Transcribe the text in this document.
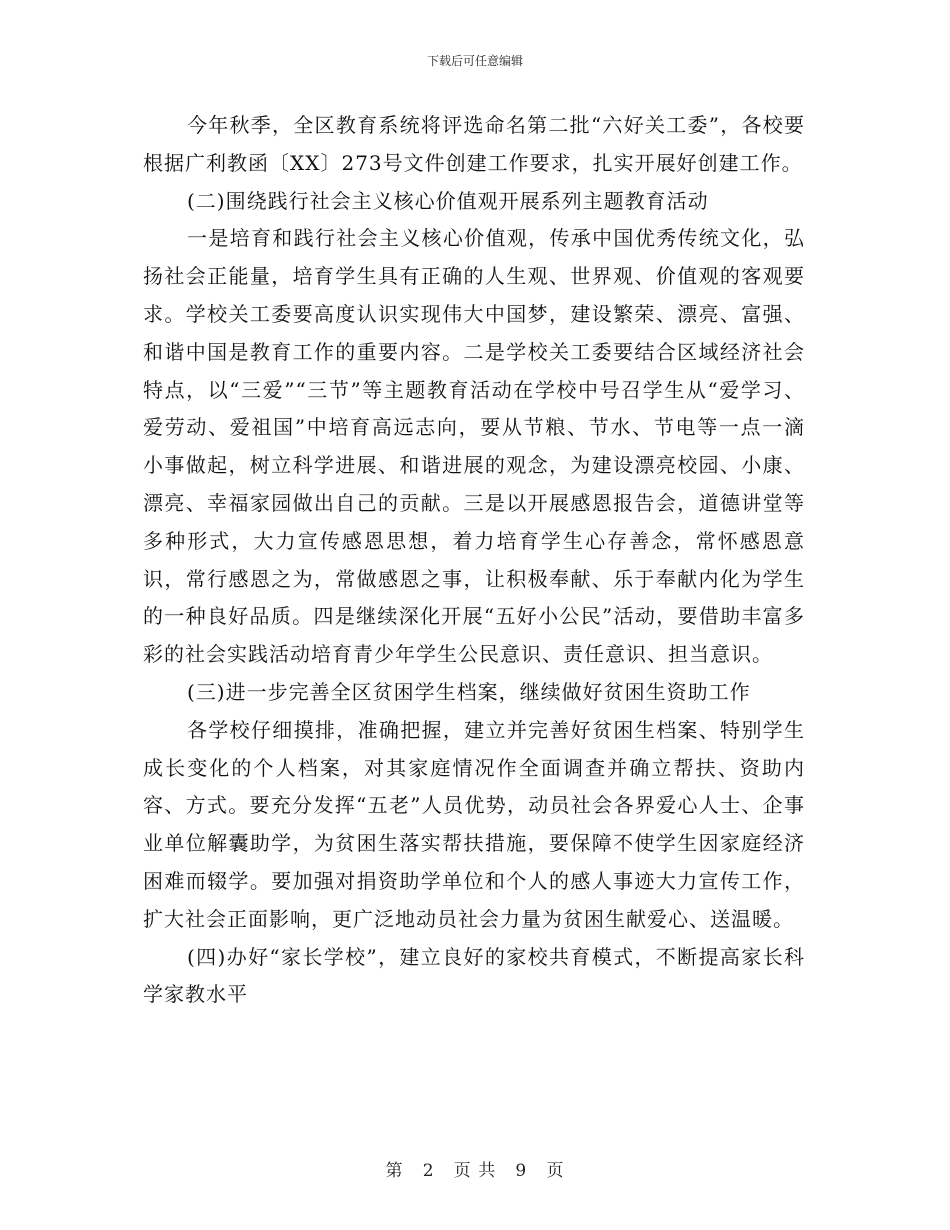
下载后可任意编辑

今年秋季，全区教育系统将评选命名第二批“六好关工委”，各校要根据广利教函〔XX〕273号文件创建工作要求，扎实开展好创建工作。

(二)围绕践行社会主义核心价值观开展系列主题教育活动

一是培育和践行社会主义核心价值观，传承中国优秀传统文化，弘扬社会正能量，培育学生具有正确的人生观、世界观、价值观的客观要求。学校关工委要高度认识实现伟大中国梦，建设繁荣、漂亮、富强、和谐中国是教育工作的重要内容。二是学校关工委要结合区域经济社会特点，以“三爱”“三节”等主题教育活动在学校中号召学生从“爱学习、爱劳动、爱祖国”中培育高远志向，要从节粮、节水、节电等一点一滴小事做起，树立科学进展、和谐进展的观念，为建设漂亮校园、小康、漂亮、幸福家园做出自己的贡献。三是以开展感恩报告会，道德讲堂等多种形式，大力宣传感恩思想，着力培育学生心存善念，常怀感恩意识，常行感恩之为，常做感恩之事，让积极奉献、乐于奉献内化为学生的一种良好品质。四是继续深化开展“五好小公民”活动，要借助丰富多彩的社会实践活动培育青少年学生公民意识、责任意识、担当意识。

(三)进一步完善全区贫困学生档案，继续做好贫困生资助工作

各学校仔细摸排，准确把握，建立并完善好贫困生档案、特别学生成长变化的个人档案，对其家庭情况作全面调查并确立帮扶、资助内容、方式。要充分发挥“五老”人员优势，动员社会各界爱心人士、企事业单位解囊助学，为贫困生落实帮扶措施，要保障不使学生因家庭经济困难而辍学。要加强对捐资助学单位和个人的感人事迹大力宣传工作，扩大社会正面影响，更广泛地动员社会力量为贫困生献爱心、送温暖。

(四)办好“家长学校”，建立良好的家校共育模式，不断提高家长科学家教水平

第 2 页 共 9 页
